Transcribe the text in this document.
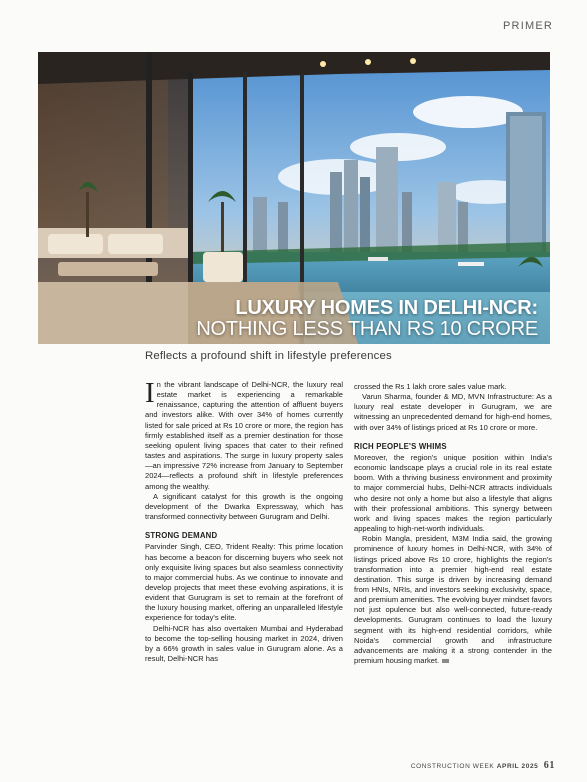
PRIMER
LUXURY HOMES IN DELHI-NCR:
NOTHING LESS THAN RS 10 CRORE
Reflects a profound shift in lifestyle preferences

In the vibrant landscape of Delhi-NCR, the luxury real estate market is experiencing a remarkable renaissance, capturing the attention of affluent buyers and investors alike. With over 34% of homes currently listed for sale priced at Rs 10 crore or more, the region has firmly established itself as a premier destination for those seeking opulent living spaces that cater to their refined tastes and aspirations. The surge in luxury property sales—an impressive 72% increase from January to September 2024—reflects a profound shift in lifestyle preferences among the wealthy.

A significant catalyst for this growth is the ongoing development of the Dwarka Expressway, which has transformed connectivity between Gurugram and Delhi.

STRONG DEMAND

Parvinder Singh, CEO, Trident Realty: This prime location has become a beacon for discerning buyers who seek not only exquisite living spaces but also seamless connectivity to major commercial hubs. As we continue to innovate and develop projects that meet these evolving aspirations, it is evident that Gurugram is set to remain at the forefront of the luxury housing market, offering an unparalleled lifestyle experience for today's elite.

Delhi-NCR has also overtaken Mumbai and Hyderabad to become the top-selling housing market in 2024, driven by a 66% growth in sales value in Gurugram alone. As a result, Delhi-NCR has

crossed the Rs 1 lakh crore sales value mark.

Varun Sharma, founder & MD, MVN Infrastructure: As a luxury real estate developer in Gurugram, we are witnessing an unprecedented demand for high-end homes, with over 34% of listings priced at Rs 10 crore or more.

RICH PEOPLE'S WHIMS

Moreover, the region's unique position within India's economic landscape plays a crucial role in its real estate boom. With a thriving business environment and proximity to major commercial hubs, Delhi-NCR attracts individuals who desire not only a home but also a lifestyle that aligns with their professional ambitions. This synergy between work and living spaces makes the region particularly appealing to high-net-worth individuals.

Robin Mangla, president, M3M India said, the growing prominence of luxury homes in Delhi-NCR, with 34% of listings priced above Rs 10 crore, highlights the region's transformation into a premier high-end real estate destination. This surge is driven by increasing demand from HNIs, NRIs, and investors seeking exclusivity, space, and premium amenities. The evolving buyer mindset favors not just opulence but also well-connected, future-ready developments. Gurugram continues to load the luxury segment with its high-end residential corridors, while Noida's commercial growth and infrastructure advancements are making it a strong contender in the premium housing market.

CONSTRUCTION WEEK APRIL 2025 61
